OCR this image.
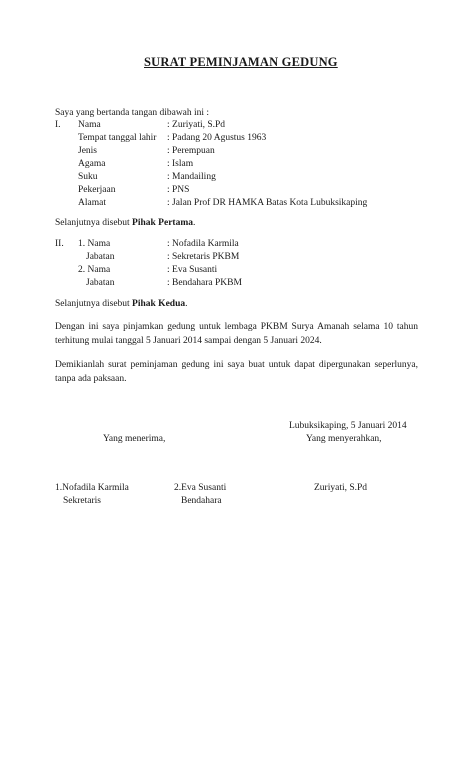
SURAT PEMINJAMAN GEDUNG
Saya yang bertanda tangan dibawah ini :
I. Nama	: Zuriyati, S.Pd
Tempat tanggal lahir : Padang 20 Agustus 1963
Jenis	: Perempuan
Agama	: Islam
Suku	: Mandailing
Pekerjaan	: PNS
Alamat	: Jalan Prof DR HAMKA Batas Kota Lubuksikaping
Selanjutnya disebut Pihak Pertama.
II. 1. Nama	: Nofadila Karmila
Jabatan	: Sekretaris PKBM
2. Nama	: Eva Susanti
Jabatan	: Bendahara PKBM
Selanjutnya disebut Pihak Kedua.
Dengan ini saya pinjamkan gedung untuk lembaga PKBM Surya Amanah selama 10 tahun terhitung mulai tanggal 5 Januari 2014 sampai dengan 5 Januari 2024.
Demikianlah surat peminjaman gedung ini saya buat untuk dapat dipergunakan seperlunya, tanpa ada paksaan.
Lubuksikaping, 5 Januari 2014
Yang menerima,	Yang menyerahkan,
1.Nofadila Karmila
Sekretaris
2.Eva Susanti
Bendahara
Zuriyati, S.Pd
